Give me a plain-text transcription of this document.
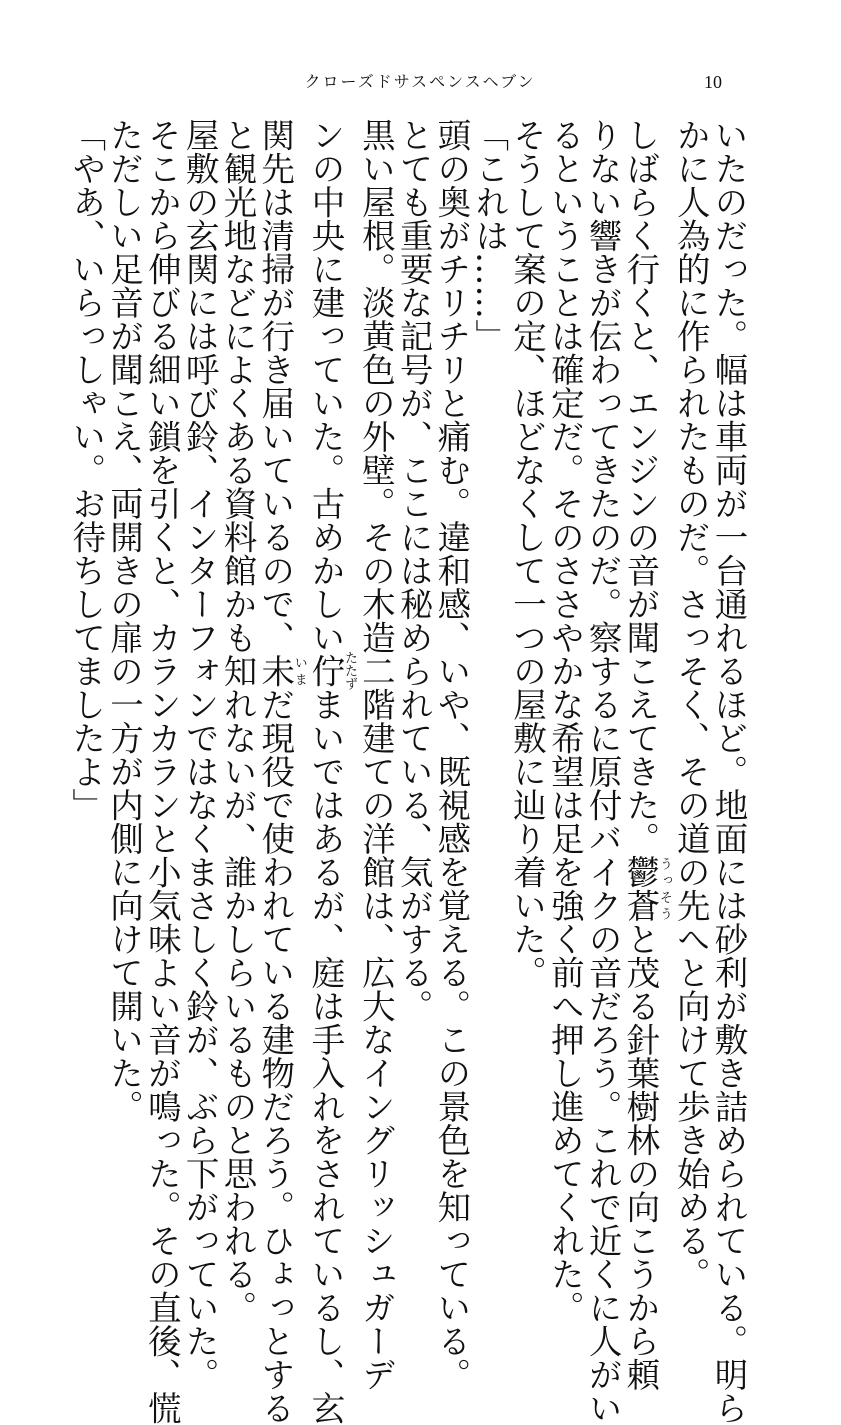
クローズドサスペンスヘブン	10
いたのだった。幅は車両が一台通れるほど。地面には砂利が敷き詰められている。明ら
かに人為的に作られたものだ。さっそく、その道の先へと向けて歩き始める。
しばらく行くと、エンジンの音が聞こえてきた。鬱蒼うっそうと茂る針葉樹林の向こうから頼
りない響きが伝わってきたのだ。察するに原付バイクの音だろう。これで近くに人がい
るということは確定だ。そのささやかな希望は足を強く前へ押し進めてくれた。
そうして案の定、ほどなくして一つの屋敷に辿り着いた。
「これは……」
頭の奥がチリチリと痛む。違和感、いや、既視感を覚える。この景色を知っている。
とても重要な記号が、ここには秘められている、気がする。
黒い屋根。淡黄色の外壁。その木造二階建ての洋館は、広大なイングリッシュガーデ
ンの中央に建っていた。古めかしい佇たたずまいではあるが、庭は手入れをされているし、玄
関先は清掃が行き届いているので、未いまだ現役で使われている建物だろう。ひょっとする
と観光地などによくある資料館かも知れないが、誰かしらいるものと思われる。
屋敷の玄関には呼び鈴、インターフォンではなくまさしく鈴が、ぶら下がっていた。
そこから伸びる細い鎖を引くと、カランカランと小気味よい音が鳴った。その直後、慌
ただしい足音が聞こえ、両開きの扉の一方が内側に向けて開いた。
「やあ、いらっしゃい。お待ちしてましたよ」
